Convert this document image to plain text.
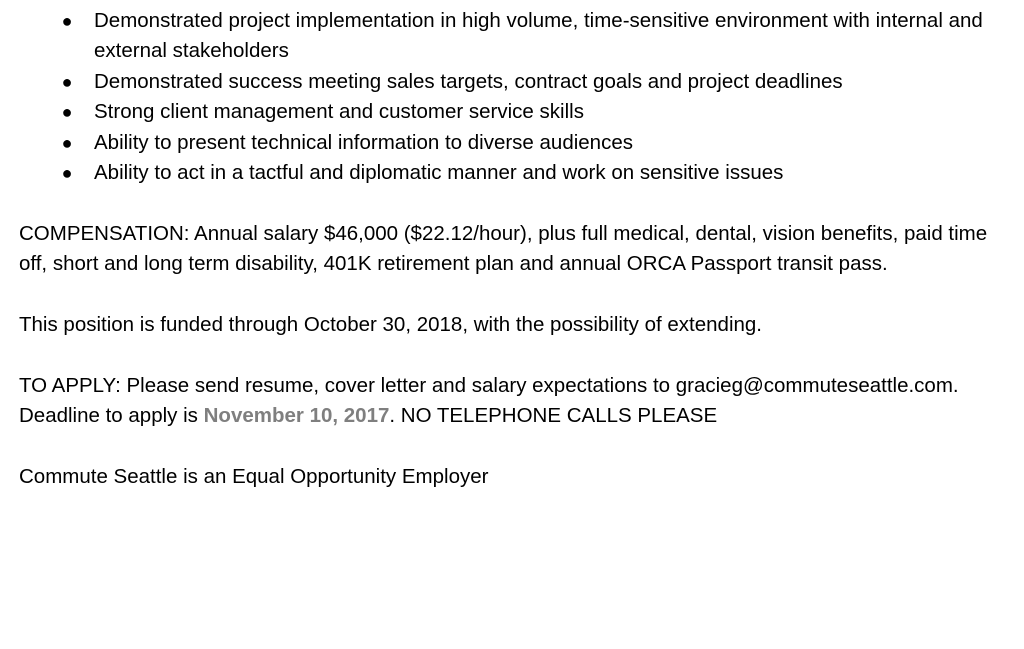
● Demonstrated project implementation in high volume, time-sensitive environment with internal and external stakeholders
● Demonstrated success meeting sales targets, contract goals and project deadlines
● Strong client management and customer service skills
● Ability to present technical information to diverse audiences
● Ability to act in a tactful and diplomatic manner and work on sensitive issues

COMPENSATION: Annual salary $46,000 ($22.12/hour), plus full medical, dental, vision benefits, paid time off, short and long term disability, 401K retirement plan and annual ORCA Passport transit pass.

This position is funded through October 30, 2018, with the possibility of extending.

TO APPLY: Please send resume, cover letter and salary expectations to gracieg@commuteseattle.com. Deadline to apply is November 10, 2017. NO TELEPHONE CALLS PLEASE

Commute Seattle is an Equal Opportunity Employer
